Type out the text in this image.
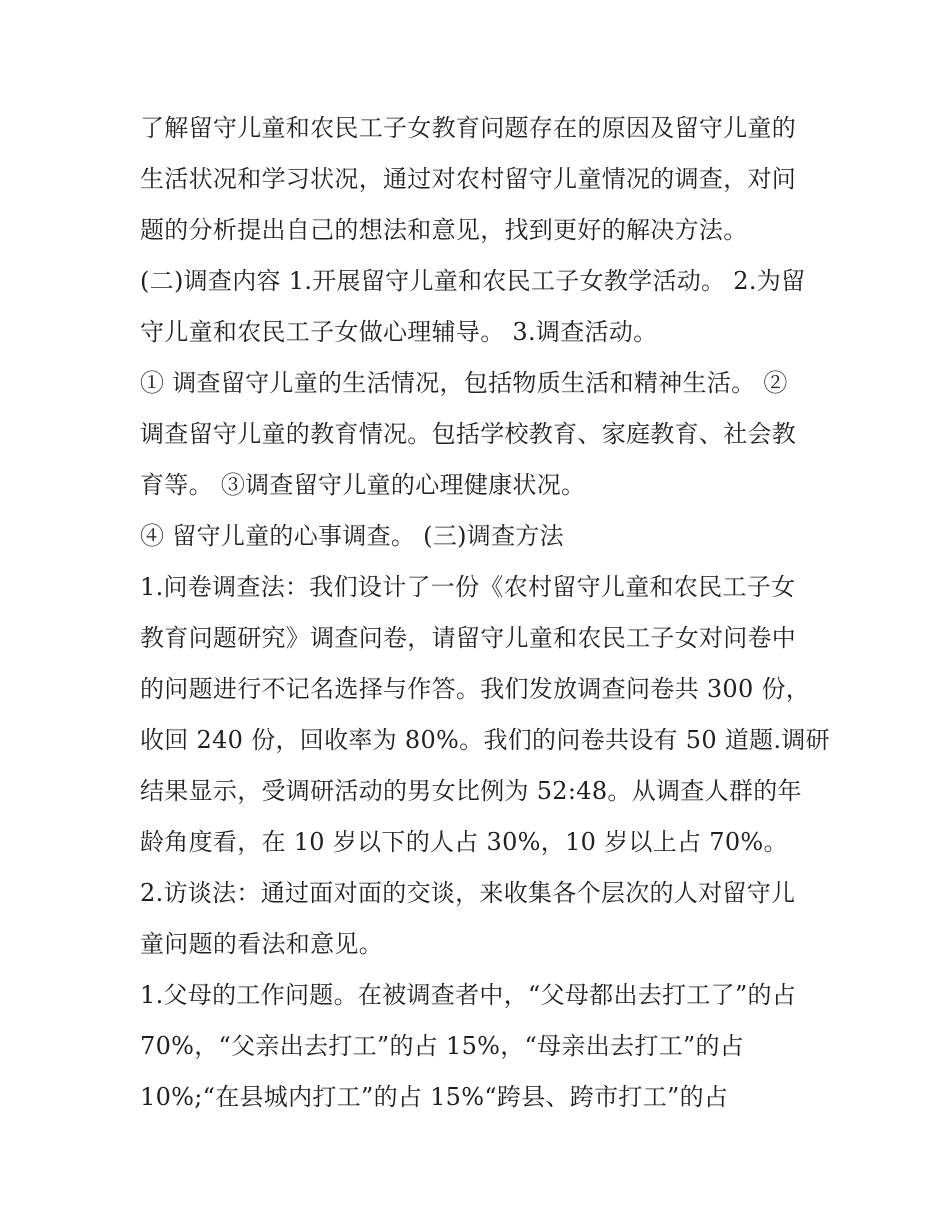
了解留守儿童和农民工子女教育问题存在的原因及留守儿童的
生活状况和学习状况，通过对农村留守儿童情况的调查，对问
题的分析提出自己的想法和意见，找到更好的解决方法。
(二)调查内容 1.开展留守儿童和农民工子女教学活动。 2.为留
守儿童和农民工子女做心理辅导。 3.调查活动。
① 调查留守儿童的生活情况，包括物质生活和精神生活。 ②
调查留守儿童的教育情况。包括学校教育、家庭教育、社会教
育等。 ③调查留守儿童的心理健康状况。
④ 留守儿童的心事调查。 (三)调查方法
1.问卷调查法：我们设计了一份《农村留守儿童和农民工子女
教育问题研究》调查问卷，请留守儿童和农民工子女对问卷中
的问题进行不记名选择与作答。我们发放调查问卷共 300 份，
收回 240 份，回收率为 80%。我们的问卷共设有 50 道题.调研
结果显示，受调研活动的男女比例为 52:48。从调查人群的年
龄角度看，在 10 岁以下的人占 30%，10 岁以上占 70%。
2.访谈法：通过面对面的交谈，来收集各个层次的人对留守儿
童问题的看法和意见。
1.父母的工作问题。在被调查者中，“父母都出去打工了”的占
70%，“父亲出去打工”的占 15%，“母亲出去打工”的占
10%;“在县城内打工”的占 15%“跨县、跨市打工”的占
